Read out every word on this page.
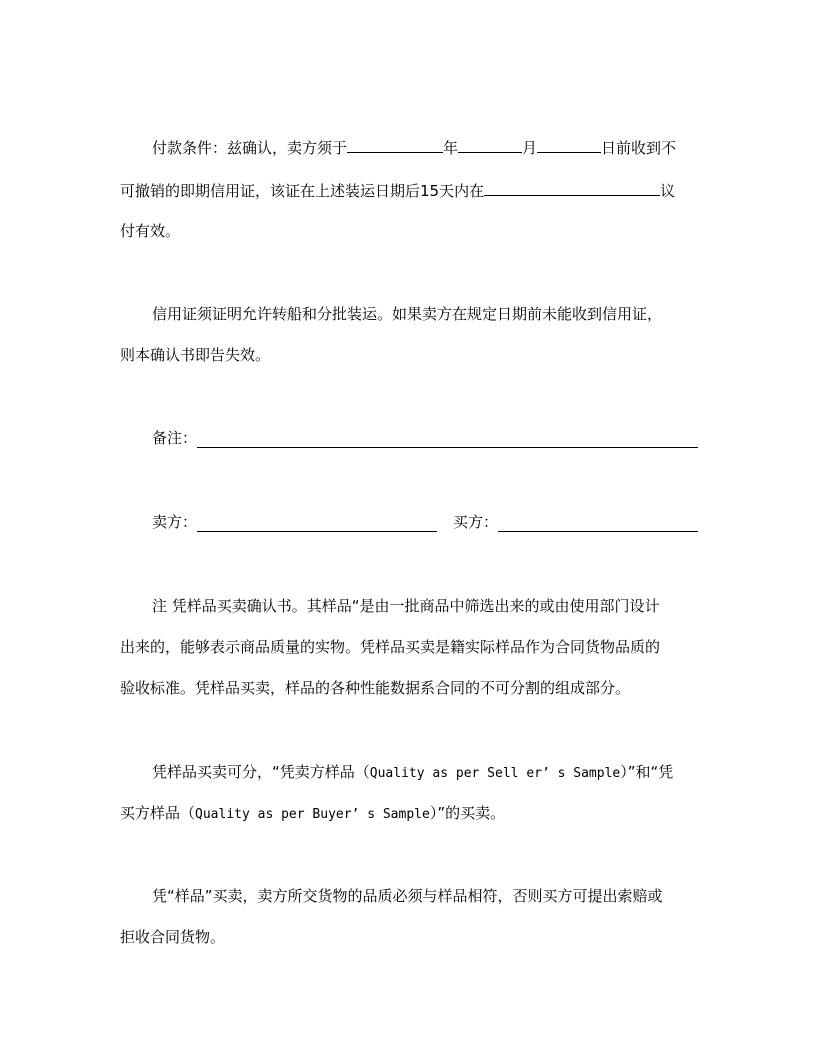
付款条件：兹确认，卖方须于	年	月	日前收到不
可撤销的即期信用证，该证在上述装运日期后15天内在	议
付有效。
信用证须证明允许转船和分批装运。如果卖方在规定日期前未能收到信用证，
则本确认书即告失效。
备注：
卖方：	买方：
注 凭样品买卖确认书。其样品“是由一批商品中筛选出来的或由使用部门设计
出来的，能够表示商品质量的实物。凭样品买卖是籍实际样品作为合同货物品质的
验收标准。凭样品买卖，样品的各种性能数据系合同的不可分割的组成部分。
凭样品买卖可分，“凭卖方样品（Quality as per Sell er’ s Sample）”和“凭
买方样品（Quality as per Buyer’ s Sample）”的买卖。
凭“样品”买卖，卖方所交货物的品质必须与样品相符，否则买方可提出索赔或
拒收合同货物。
